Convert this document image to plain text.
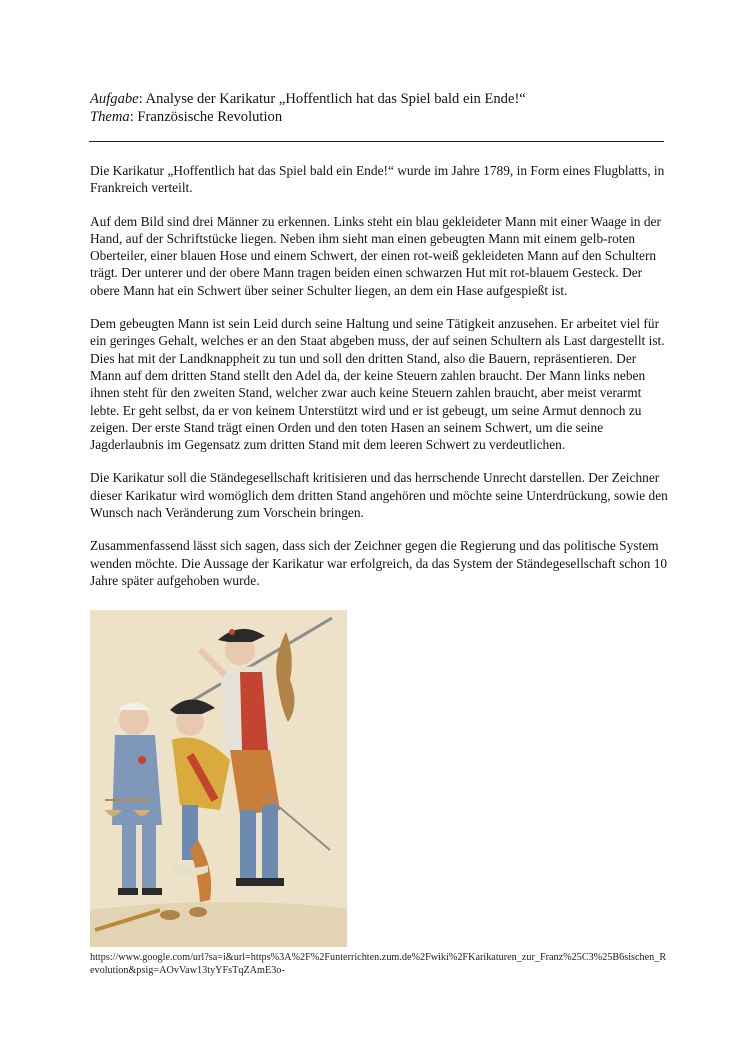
Aufgabe: Analyse der Karikatur „Hoffentlich hat das Spiel bald ein Ende!“
Thema: Französische Revolution

Die Karikatur „Hoffentlich hat das Spiel bald ein Ende!“ wurde im Jahre 1789, in Form eines Flugblatts, in Frankreich verteilt.

Auf dem Bild sind drei Männer zu erkennen. Links steht ein blau gekleideter Mann mit einer Waage in der Hand, auf der Schriftstücke liegen. Neben ihm sieht man einen gebeugten Mann mit einem gelb-roten Oberteiler, einer blauen Hose und einem Schwert, der einen rot-weiß gekleideten Mann auf den Schultern trägt. Der unterer und der obere Mann tragen beiden einen schwarzen Hut mit rot-blauem Gesteck. Der obere Mann hat ein Schwert über seiner Schulter liegen, an dem ein Hase aufgespießt ist.

Dem gebeugten Mann ist sein Leid durch seine Haltung und seine Tätigkeit anzusehen. Er arbeitet viel für ein geringes Gehalt, welches er an den Staat abgeben muss, der auf seinen Schultern als Last dargestellt ist. Dies hat mit der Landknappheit zu tun und soll den dritten Stand, also die Bauern, repräsentieren. Der Mann auf dem dritten Stand stellt den Adel da, der keine Steuern zahlen braucht. Der Mann links neben ihnen steht für den zweiten Stand, welcher zwar auch keine Steuern zahlen braucht, aber meist verarmt lebte. Er geht selbst, da er von keinem Unterstützt wird und er ist gebeugt, um seine Armut dennoch zu zeigen. Der erste Stand trägt einen Orden und den toten Hasen an seinem Schwert, um die seine Jagderlaubnis im Gegensatz zum dritten Stand mit dem leeren Schwert zu verdeutlichen.

Die Karikatur soll die Ständegesellschaft kritisieren und das herrschende Unrecht darstellen. Der Zeichner dieser Karikatur wird womöglich dem dritten Stand angehören und möchte seine Unterdrückung, sowie den Wunsch nach Veränderung zum Vorschein bringen.

Zusammenfassend lässt sich sagen, dass sich der Zeichner gegen die Regierung und das politische System wenden möchte. Die Aussage der Karikatur war erfolgreich, da das System der Ständegesellschaft schon 10 Jahre später aufgehoben wurde.

https://www.google.com/url?sa=i&url=https%3A%2F%2Funterrichten.zum.de%2Fwiki%2FKarikaturen_zur_Franz%25C3%25B6sischen_Revolution&psig=AOvVaw13tyYFsTqZAmE3o-
